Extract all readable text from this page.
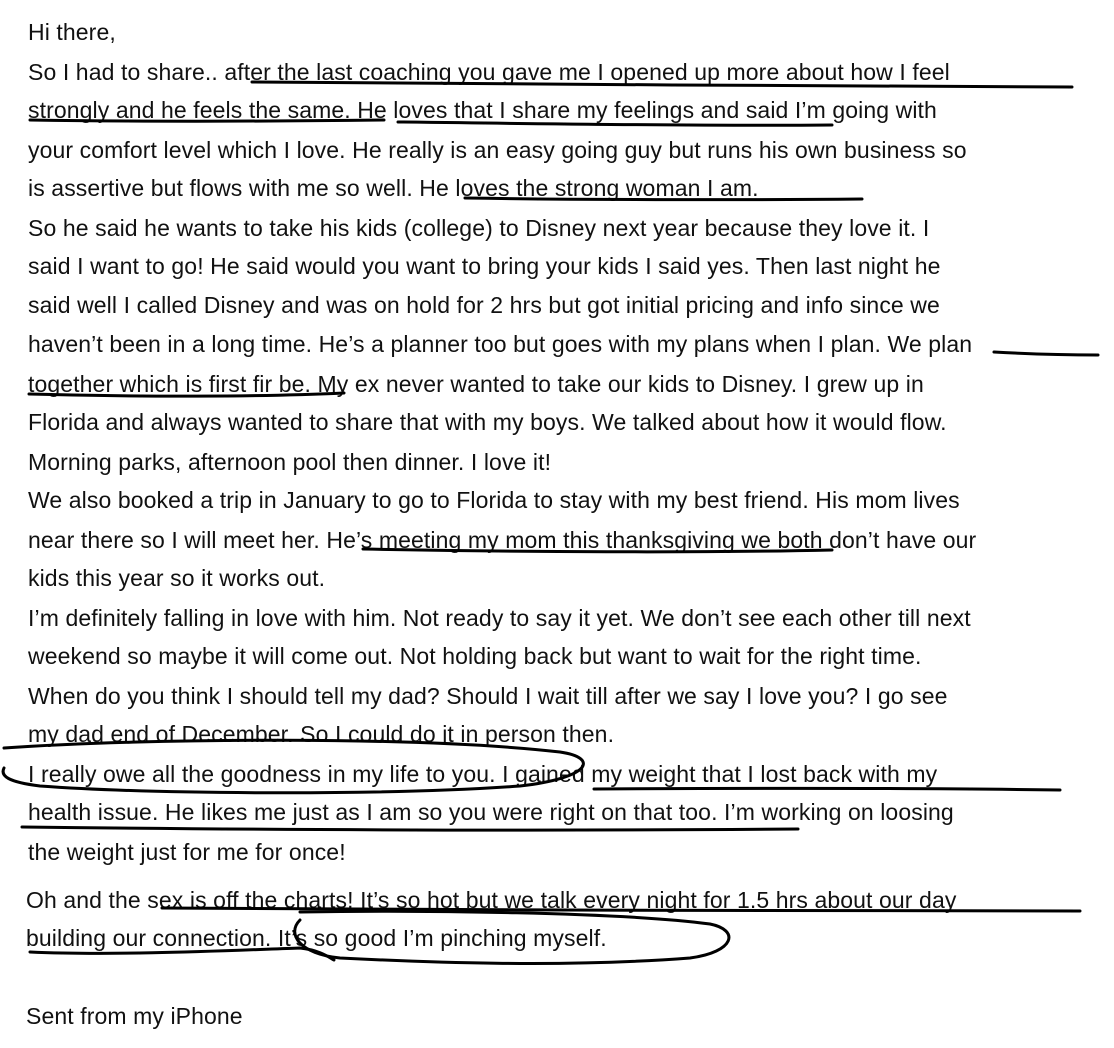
Hi there,
So I had to share.. after the last coaching you gave me I opened up more about how I feel
strongly and he feels the same. He loves that I share my feelings and said I’m going with
your comfort level which I love. He really is an easy going guy but runs his own business so
is assertive but flows with me so well. He loves the strong woman I am.
So he said he wants to take his kids (college) to Disney next year because they love it. I
said I want to go! He said would you want to bring your kids I said yes. Then last night he
said well I called Disney and was on hold for 2 hrs but got initial pricing and info since we
haven’t been in a long time. He’s a planner too but goes with my plans when I plan. We plan
together which is first fir be. My ex never wanted to take our kids to Disney. I grew up in
Florida and always wanted to share that with my boys. We talked about how it would flow.
Morning parks, afternoon pool then dinner. I love it!
We also booked a trip in January to go to Florida to stay with my best friend. His mom lives
near there so I will meet her. He’s meeting my mom this thanksgiving we both don’t have our
kids this year so it works out.
I’m definitely falling in love with him. Not ready to say it yet. We don’t see each other till next
weekend so maybe it will come out. Not holding back but want to wait for the right time.
When do you think I should tell my dad? Should I wait till after we say I love you? I go see
my dad end of December. So I could do it in person then.
I really owe all the goodness in my life to you. I gained my weight that I lost back with my
health issue. He likes me just as I am so you were right on that too. I’m working on loosing
the weight just for me for once!
Oh and the sex is off the charts! It’s so hot but we talk every night for 1.5 hrs about our day
building our connection. It’s so good I’m pinching myself.
Sent from my iPhone
